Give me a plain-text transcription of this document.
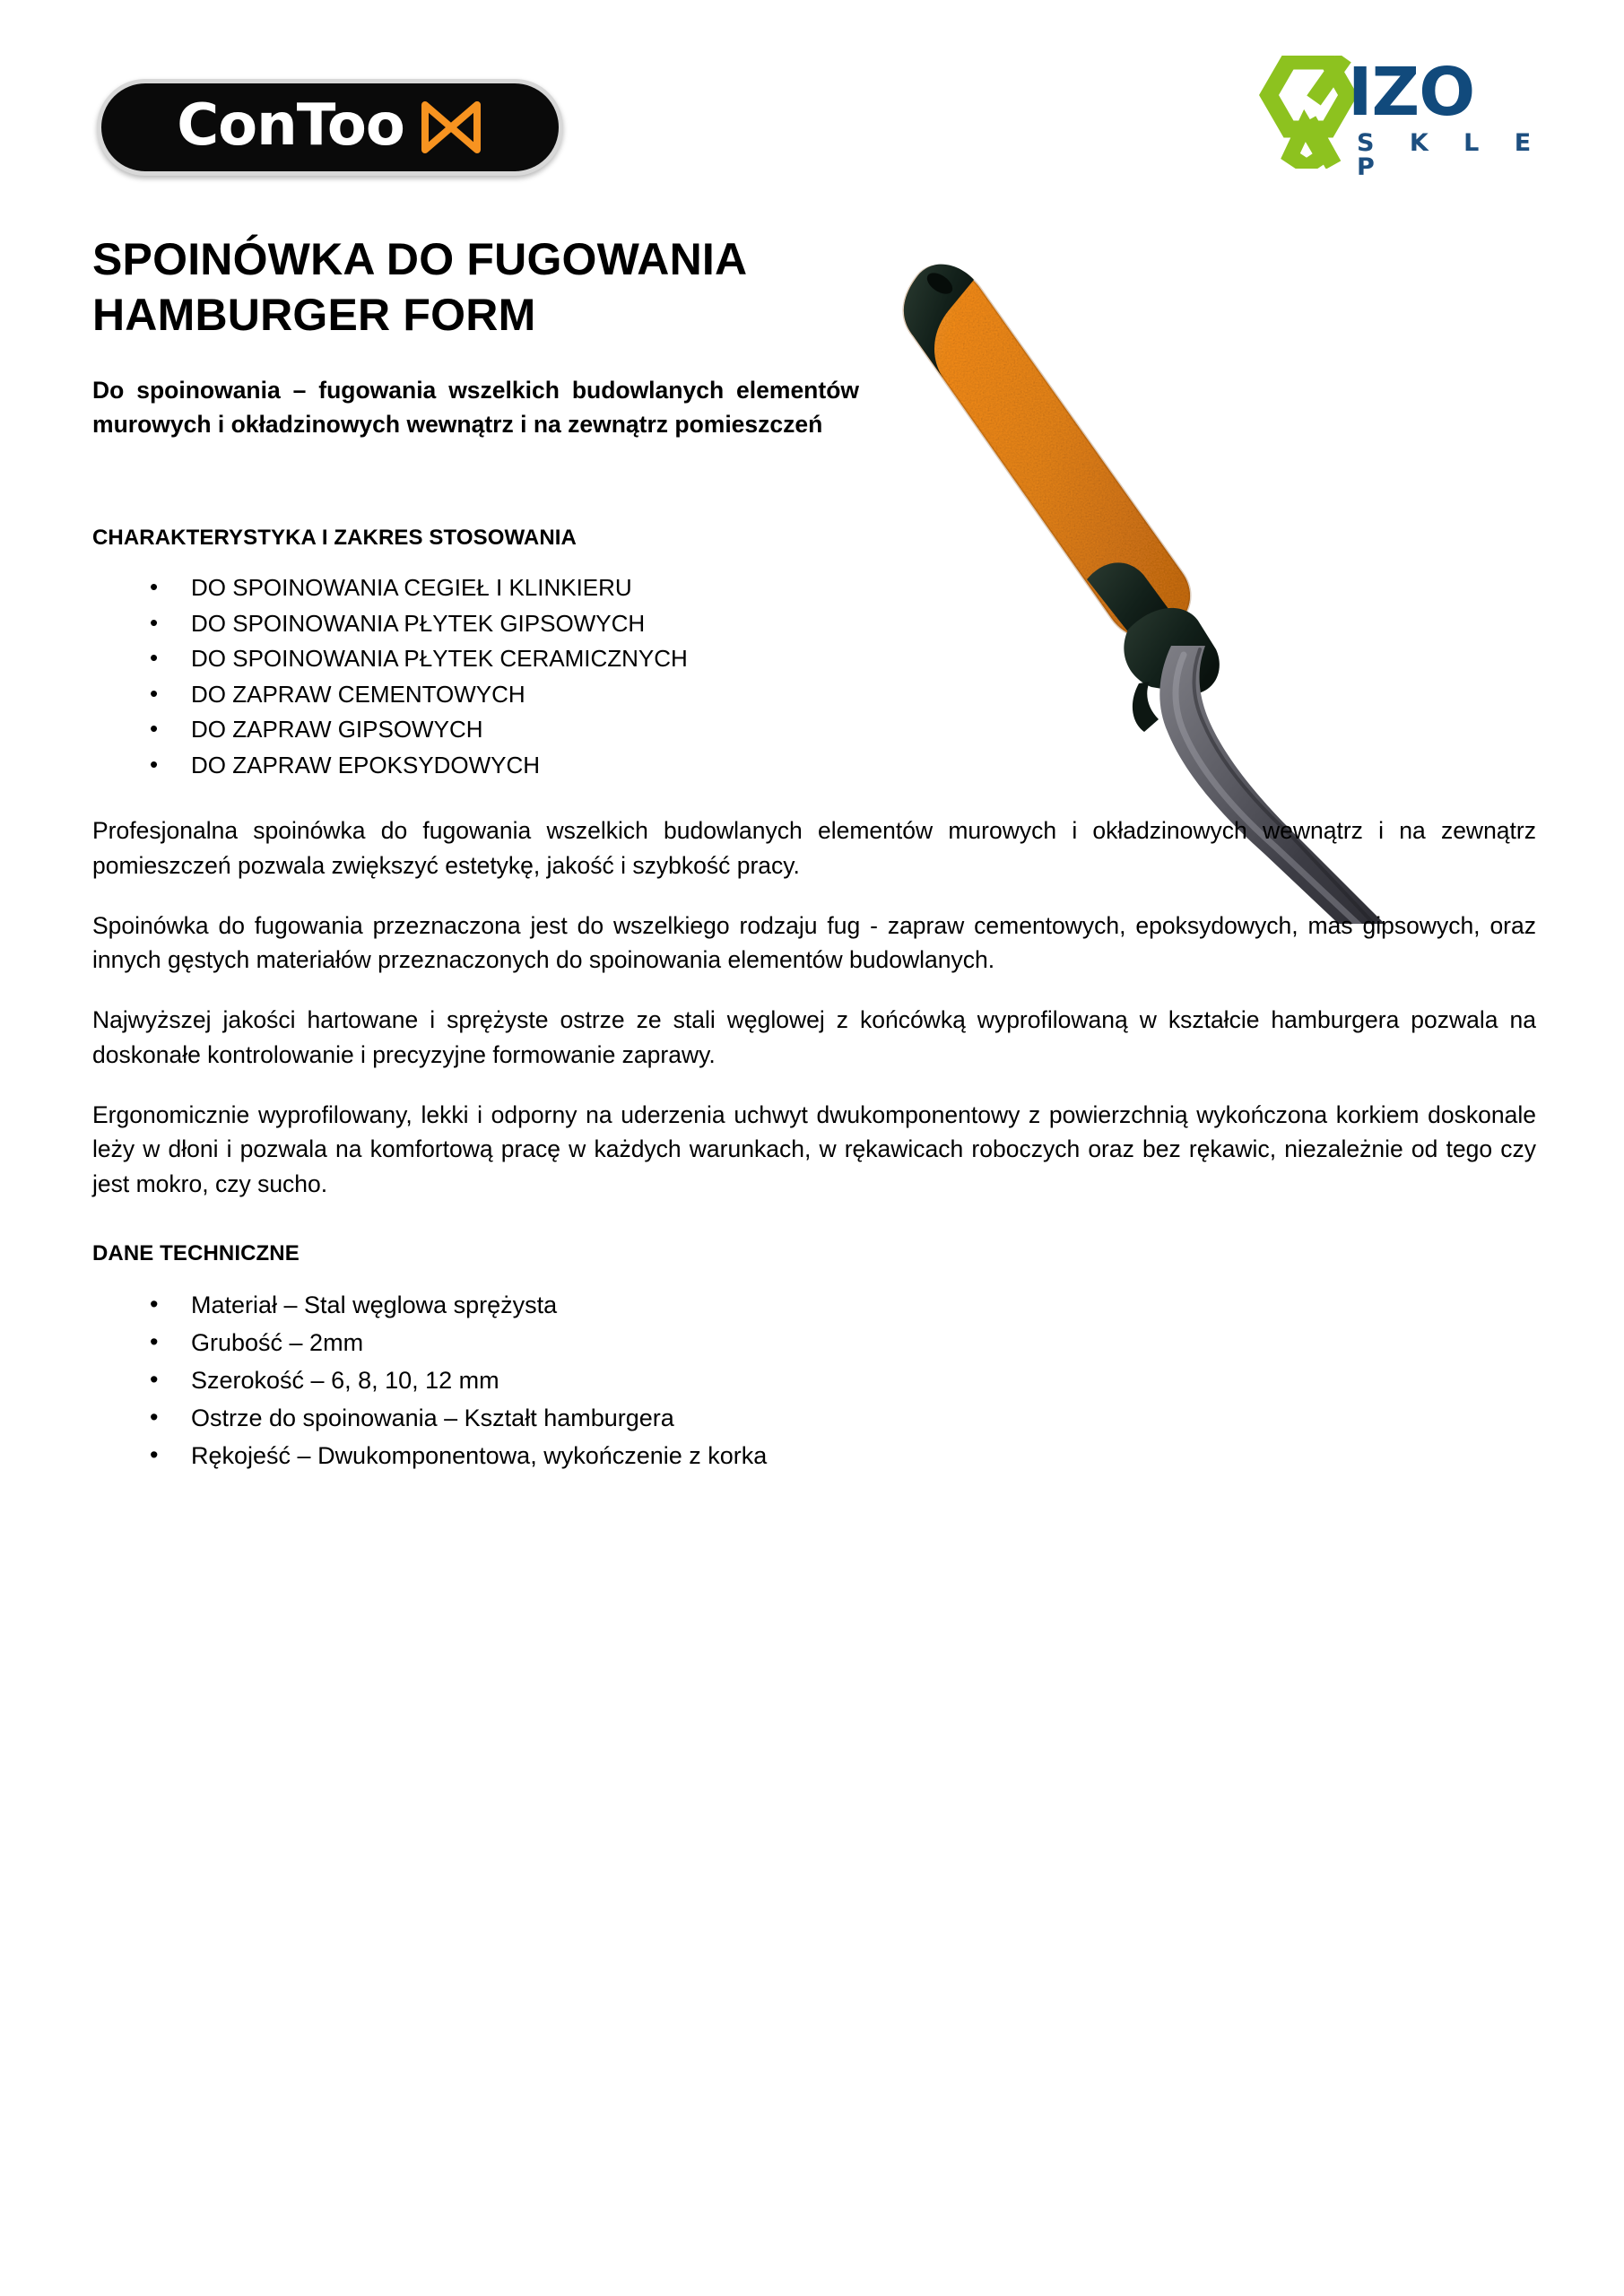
ConToo	IZO
S K L E P
SPOINÓWKA DO FUGOWANIA HAMBURGER FORM

Do spoinowania – fugowania wszelkich budowlanych elementów murowych i okładzinowych wewnątrz i na zewnątrz pomieszczeń

CHARAKTERYSTYKA I ZAKRES STOSOWANIA
• DO SPOINOWANIA CEGIEŁ I KLINKIERU
• DO SPOINOWANIA PŁYTEK GIPSOWYCH
• DO SPOINOWANIA PŁYTEK CERAMICZNYCH
• DO ZAPRAW CEMENTOWYCH
• DO ZAPRAW GIPSOWYCH
• DO ZAPRAW EPOKSYDOWYCH

Profesjonalna spoinówka do fugowania wszelkich budowlanych elementów murowych i okładzinowych wewnątrz i na zewnątrz pomieszczeń pozwala zwiększyć estetykę, jakość i szybkość pracy.

Spoinówka do fugowania przeznaczona jest do wszelkiego rodzaju fug - zapraw cementowych, epoksydowych, mas gipsowych, oraz innych gęstych materiałów przeznaczonych do spoinowania elementów budowlanych.

Najwyższej jakości hartowane i sprężyste ostrze ze stali węglowej z końcówką wyprofilowaną w kształcie hamburgera pozwala na doskonałe kontrolowanie i precyzyjne formowanie zaprawy.

Ergonomicznie wyprofilowany, lekki i odporny na uderzenia uchwyt dwukomponentowy z powierzchnią wykończona korkiem doskonale leży w dłoni i pozwala na komfortową pracę w każdych warunkach, w rękawicach roboczych oraz bez rękawic, niezależnie od tego czy jest mokro, czy sucho.

DANE TECHNICZNE
• Materiał – Stal węglowa sprężysta
• Grubość – 2mm
• Szerokość – 6, 8, 10, 12 mm
• Ostrze do spoinowania – Kształt hamburgera
• Rękojeść – Dwukomponentowa, wykończenie z korka
